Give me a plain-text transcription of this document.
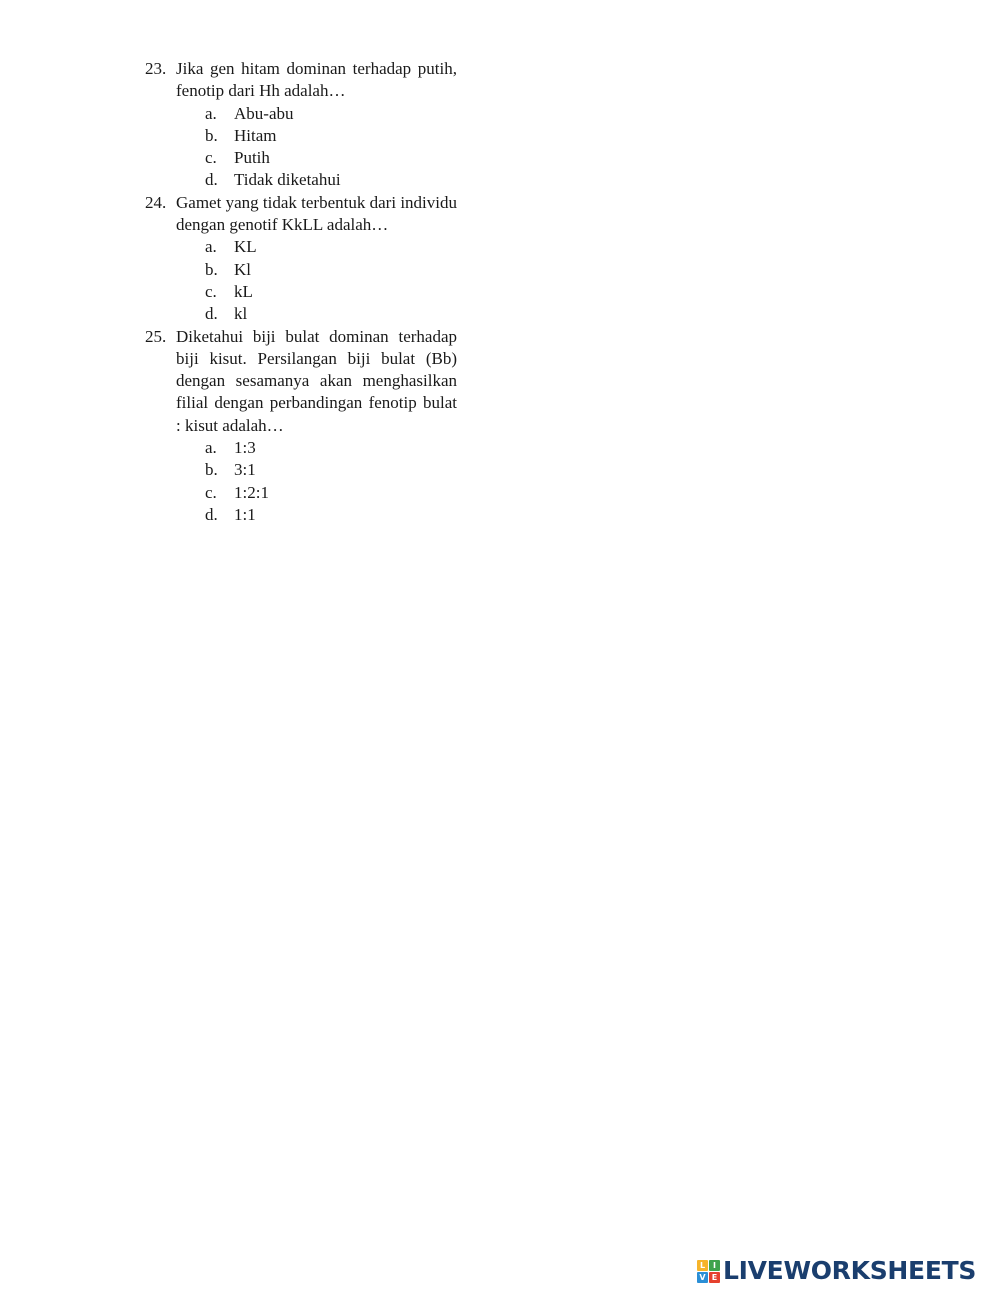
23. Jika gen hitam dominan terhadap putih, fenotip dari Hh adalah…
a.	Abu-abu
b. Hitam
c.	Putih
d. Tidak diketahui
24. Gamet yang tidak terbentuk dari individu dengan genotif KkLL adalah…
a.	KL
b. Kl
c.	kL
d. kl
25. Diketahui biji bulat dominan terhadap biji kisut. Persilangan biji bulat (Bb) dengan sesamanya akan menghasilkan filial dengan perbandingan fenotip bulat : kisut adalah…
a.	1:3
b. 3:1
c.	1:2:1
d. 1:1
L I
V E LIVEWORKSHEETS
